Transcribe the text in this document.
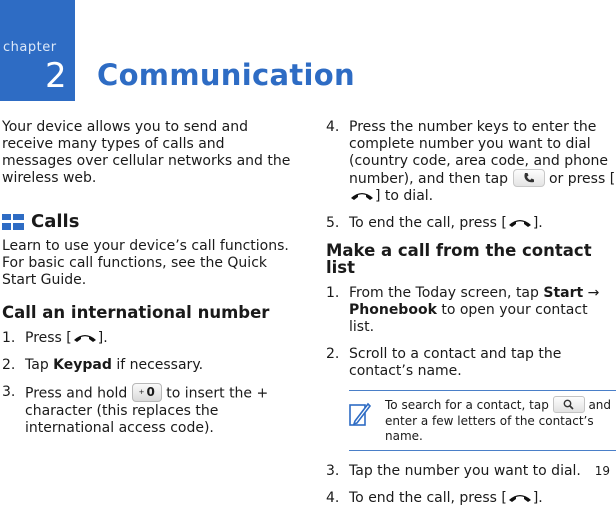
chapter
2 Communication

Your device allows you to send and receive many types of calls and messages over cellular networks and the wireless web.

Calls

Learn to use your device’s call functions. For basic call functions, see the Quick Start Guide.

Call an international number
1. Press [ ].
2. Tap Keypad if necessary.
3. Press and hold + 0 to insert the + character (this replaces the international access code).
4. Press the number keys to enter the complete number you want to dial (country code, area code, and phone number), and then tap
or press [] to dial.
5. To end the call, press [ ].
Make a call from the contact list
1. From the Today screen, tap Start → Phonebook to open your contact list.
2. Scroll to a contact and tap the contact’s name.

To search for a contact, tap	and enter a few letters of the contact’s name.

3. Tap the number you want to dial.
4. To end the call, press [ ].
19
